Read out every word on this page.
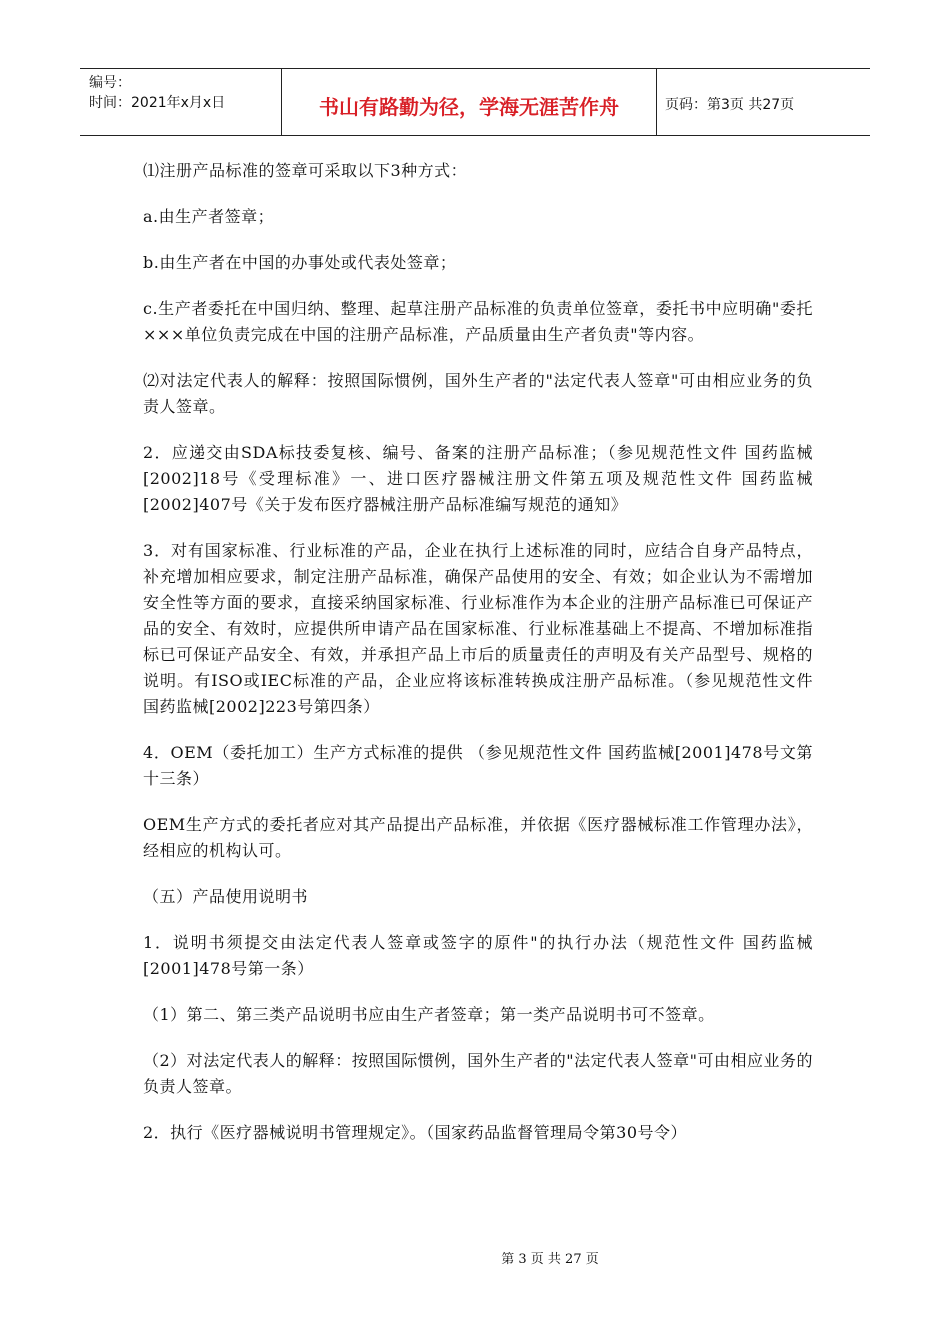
编号：
时间：2021年x月x日	书山有路勤为径，学海无涯苦作舟	页码：第3页 共27页

⑴注册产品标准的签章可采取以下3种方式：

a.由生产者签章；

b.由生产者在中国的办事处或代表处签章；

c.生产者委托在中国归纳、整理、起草注册产品标准的负责单位签章，委托书中应明确"委托×××单位负责完成在中国的注册产品标准，产品质量由生产者负责"等内容。

⑵对法定代表人的解释：按照国际惯例，国外生产者的"法定代表人签章"可由相应业务的负责人签章。

2．应递交由SDA标技委复核、编号、备案的注册产品标准；（参见规范性文件 国药监械[2002]18号《受理标准》一、进口医疗器械注册文件第五项及规范性文件 国药监械[2002]407号《关于发布医疗器械注册产品标准编写规范的通知》

3．对有国家标准、行业标准的产品，企业在执行上述标准的同时，应结合自身产品特点，补充增加相应要求，制定注册产品标准，确保产品使用的安全、有效；如企业认为不需增加安全性等方面的要求，直接采纳国家标准、行业标准作为本企业的注册产品标准已可保证产品的安全、有效时，应提供所申请产品在国家标准、行业标准基础上不提高、不增加标准指标已可保证产品安全、有效，并承担产品上市后的质量责任的声明及有关产品型号、规格的说明。有ISO或IEC标准的产品，企业应将该标准转换成注册产品标准。（参见规范性文件 国药监械[2002]223号第四条）

4．OEM（委托加工）生产方式标准的提供 （参见规范性文件 国药监械[2001]478号文第十三条）

OEM生产方式的委托者应对其产品提出产品标准，并依据《医疗器械标准工作管理办法》，经相应的机构认可。

（五）产品使用说明书

1．说明书须提交由法定代表人签章或签字的原件"的执行办法（规范性文件 国药监械[2001]478号第一条）

（1）第二、第三类产品说明书应由生产者签章；第一类产品说明书可不签章。

（2）对法定代表人的解释：按照国际惯例，国外生产者的"法定代表人签章"可由相应业务的负责人签章。

2．执行《医疗器械说明书管理规定》。（国家药品监督管理局令第30号令）

第 3 页 共 27 页
